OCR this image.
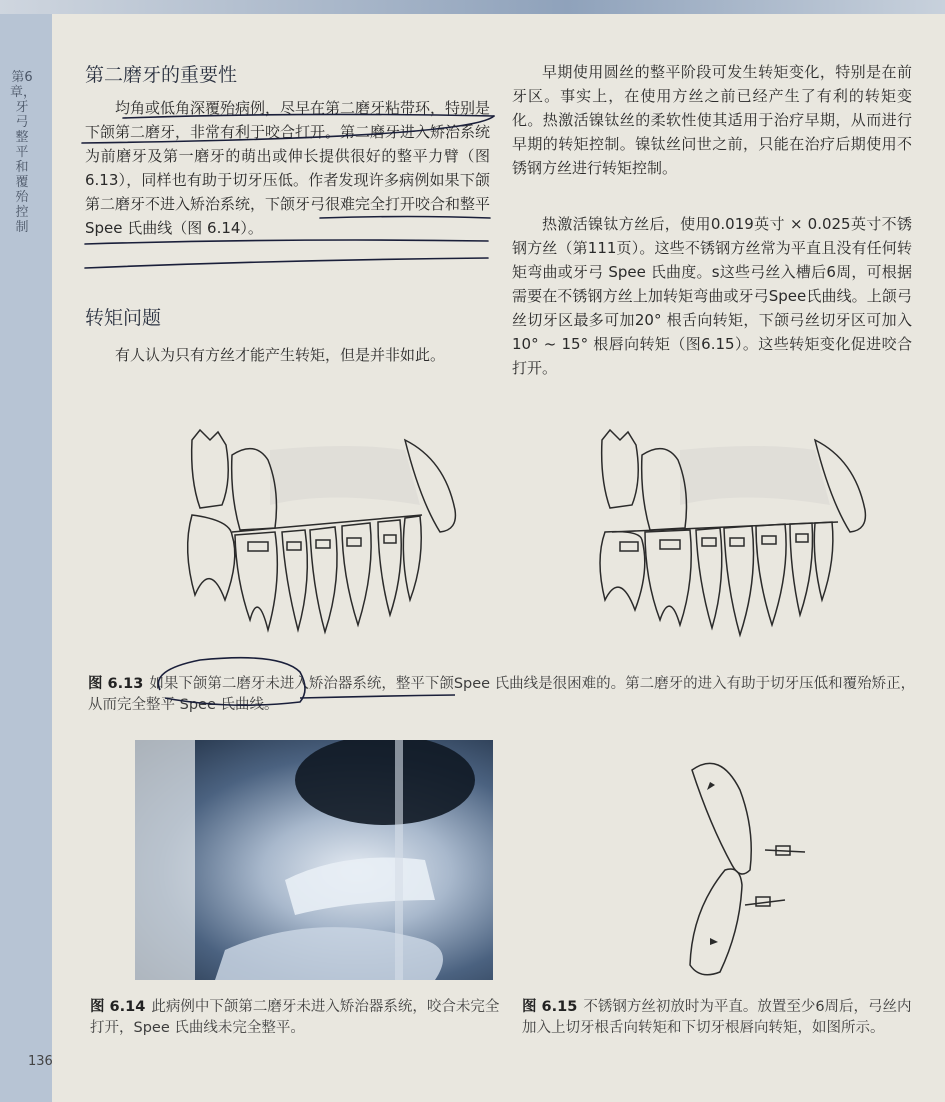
第6章，牙弓整平和覆殆控制
第二磨牙的重要性

均角或低角深覆殆病例，尽早在第二磨牙粘带环，特别是下颌第二磨牙，非常有利于咬合打开。第二磨牙进入矫治系统为前磨牙及第一磨牙的萌出或伸长提供很好的整平力臂（图6.13），同样也有助于切牙压低。作者发现许多病例如果下颌第二磨牙不进入矫治系统，下颌牙弓很难完全打开咬合和整平Spee 氏曲线（图 6.14）。

转矩问题

有人认为只有方丝才能产生转矩，但是并非如此。

早期使用圆丝的整平阶段可发生转矩变化，特别是在前牙区。事实上，在使用方丝之前已经产生了有利的转矩变化。热激活镍钛丝的柔软性使其适用于治疗早期，从而进行早期的转矩控制。镍钛丝问世之前，只能在治疗后期使用不锈钢方丝进行转矩控制。

热激活镍钛方丝后，使用0.019英寸 × 0.025英寸不锈钢方丝（第111页）。这些不锈钢方丝常为平直且没有任何转矩弯曲或牙弓 Spee 氏曲度。s这些弓丝入槽后6周，可根据需要在不锈钢方丝上加转矩弯曲或牙弓Spee氏曲线。上颌弓丝切牙区最多可加20° 根舌向转矩，下颌弓丝切牙区可加入10° ~ 15° 根唇向转矩（图6.15）。这些转矩变化促进咬合打开。

图 6.13 如果下颌第二磨牙未进入矫治器系统，整平下颌Spee 氏曲线是很困难的。第二磨牙的进入有助于切牙压低和覆殆矫正，从而完全整平 Spee 氏曲线。
图 6.14 此病例中下颌第二磨牙未进入矫治器系统，咬合未完全打开，Spee 氏曲线未完全整平。
图 6.15 不锈钢方丝初放时为平直。放置至少6周后，弓丝内加入上切牙根舌向转矩和下切牙根唇向转矩，如图所示。
136
